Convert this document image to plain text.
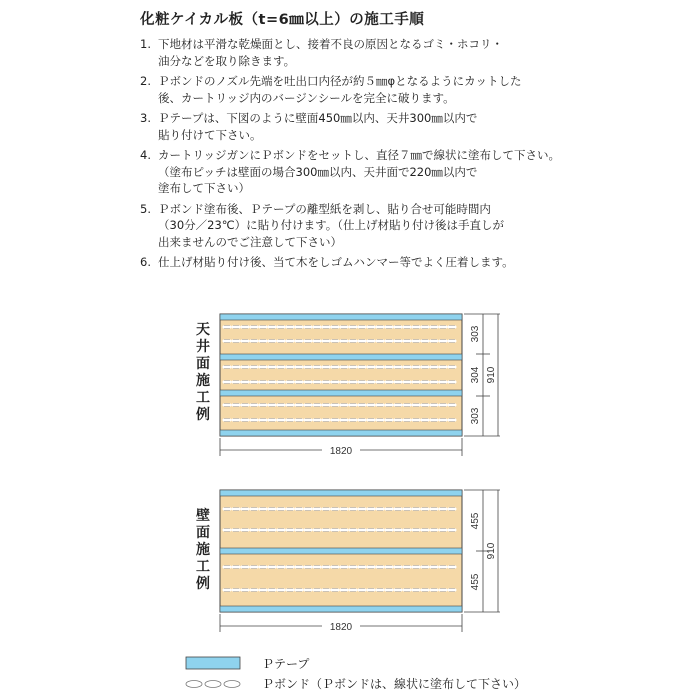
化粧ケイカル板（t=6㎜以上）の施工手順
1. 下地材は平滑な乾燥面とし、接着不良の原因となるゴミ・ホコリ・
油分などを取り除きます。
2. Ｐボンドのノズル先端を吐出口内径が約５㎜φとなるようにカットした
後、カートリッジ内のバージンシールを完全に破ります。
3. Ｐテープは、下図のように壁面450㎜以内、天井300㎜以内で
貼り付けて下さい。
4. カートリッジガンにＰボンドをセットし、直径７㎜で線状に塗布して下さい。
（塗布ピッチは壁面の場合300㎜以内、天井面で220㎜以内で
塗布して下さい）
5. Ｐボンド塗布後、Ｐテープの離型紙を剥し、貼り合せ可能時間内
（30分／23℃）に貼り付けます。（仕上げ材貼り付け後は手直しが
出来ませんのでご注意して下さい）
6. 仕上げ材貼り付け後、当て木をしゴムハンマー等でよく圧着します。
1820
303
304
303
910
1820
455
455
910
Ｐテープ
Ｐボンド（Ｐボンドは、線状に塗布して下さい）
天
井
面
施
工
例
壁
面
施
工
例
